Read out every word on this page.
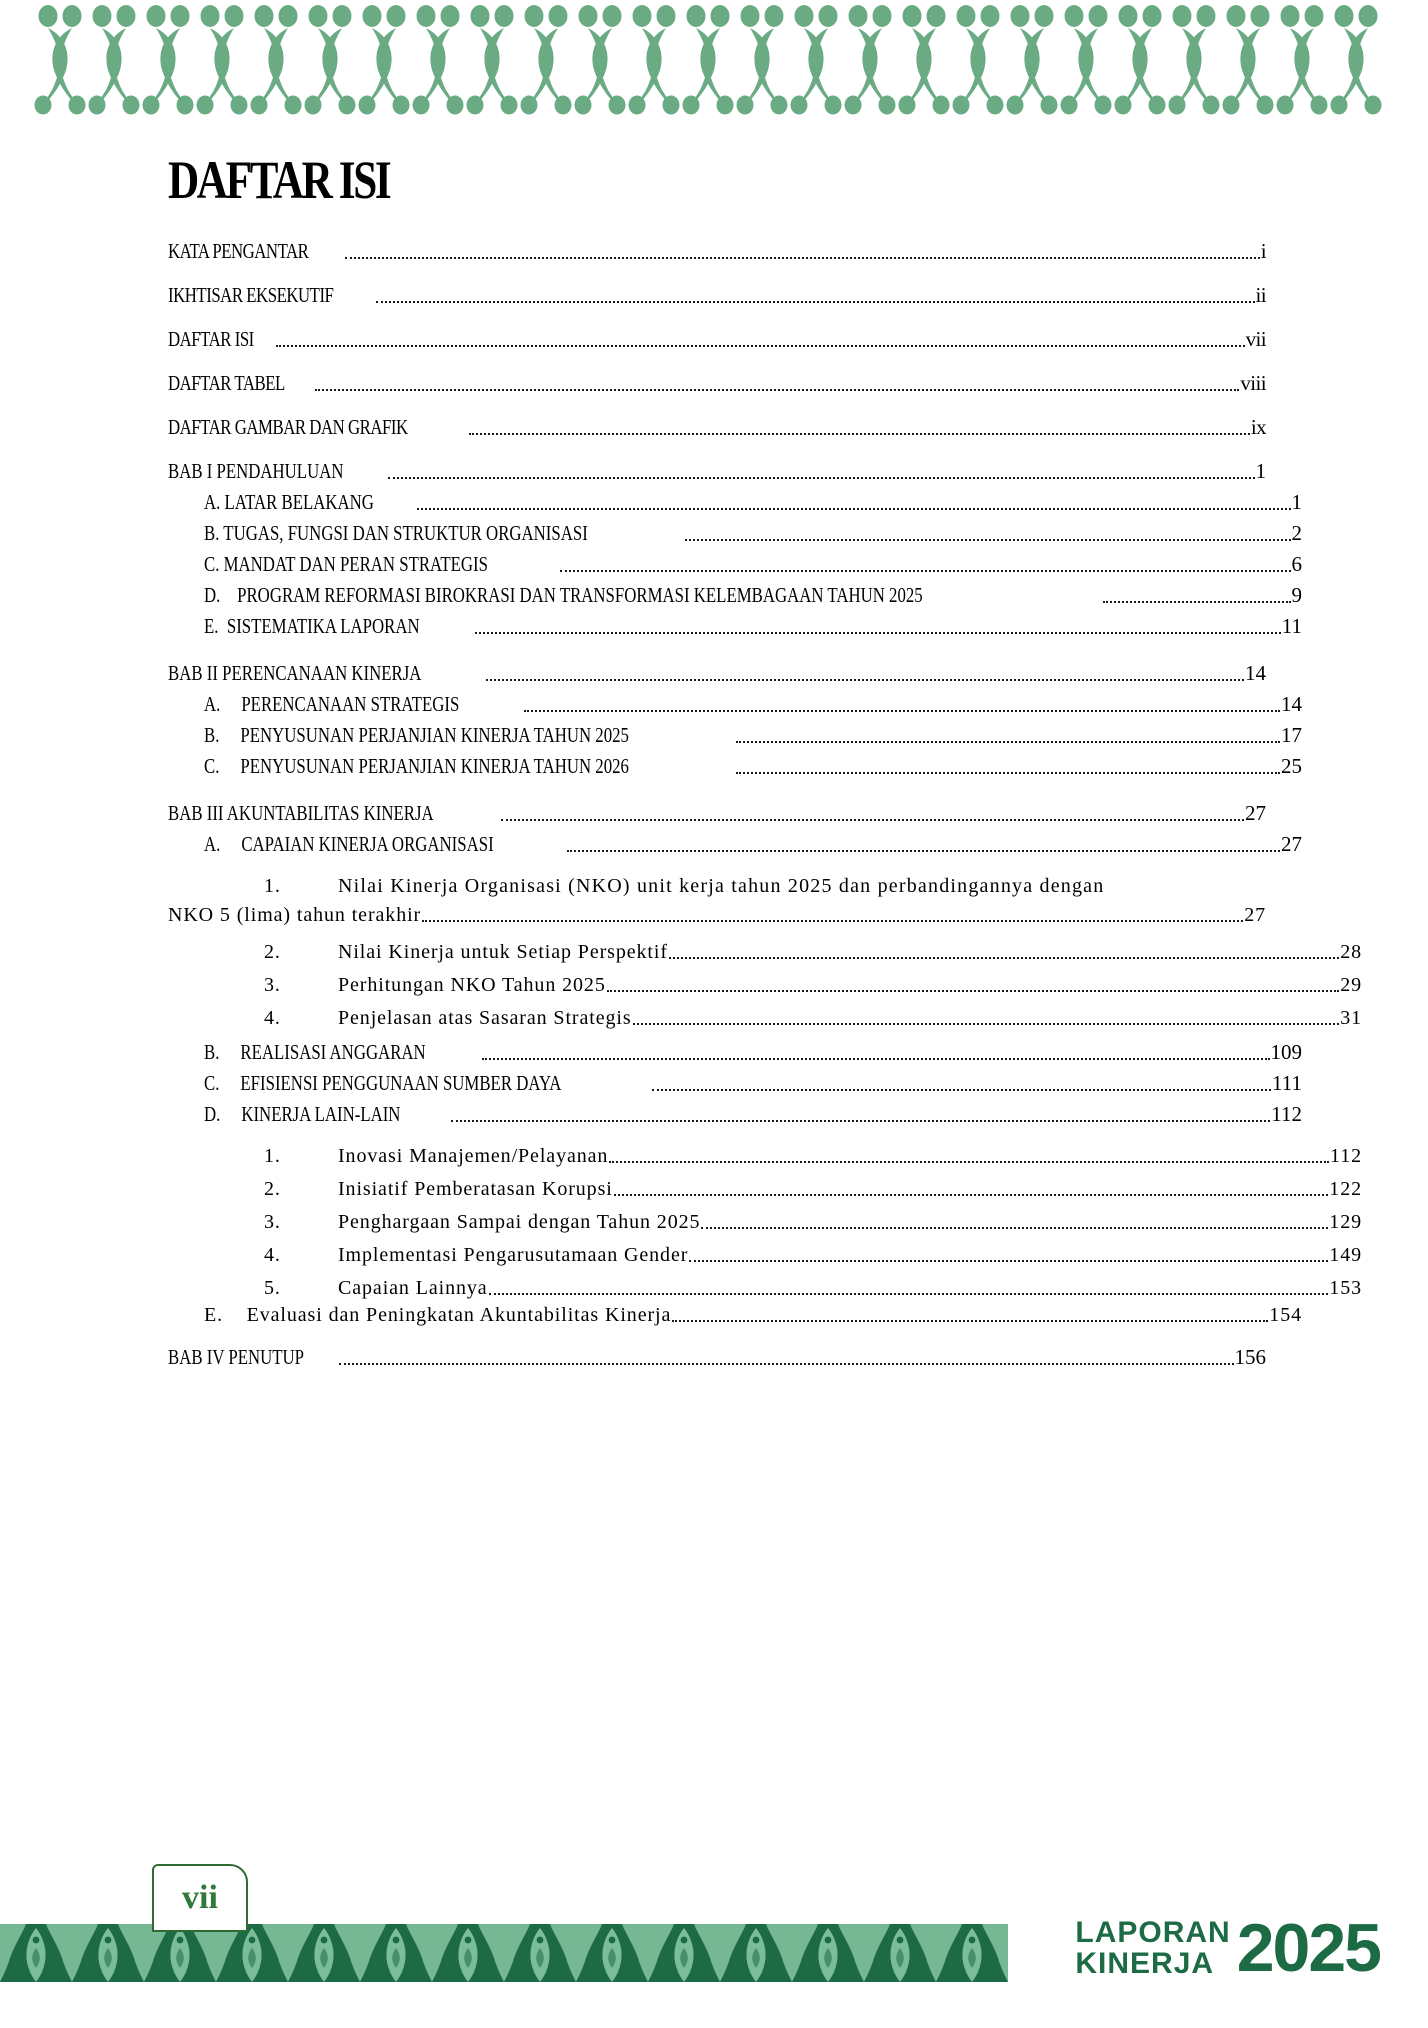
DAFTAR ISI
KATA PENGANTAR	i
IKHTISAR EKSEKUTIF	ii
DAFTAR ISI	vii
DAFTAR TABEL	viii
DAFTAR GAMBAR DAN GRAFIK	ix
BAB I PENDAHULUAN	1
A. LATAR BELAKANG	1
B. TUGAS, FUNGSI DAN STRUKTUR ORGANISASI	2
C. MANDAT DAN PERAN STRATEGIS	6
D.    PROGRAM REFORMASI BIROKRASI DAN TRANSFORMASI KELEMBAGAAN TAHUN 2025	9
E.  SISTEMATIKA LAPORAN	11
BAB II PERENCANAAN KINERJA	14
A.     PERENCANAAN STRATEGIS	14
B.     PENYUSUNAN PERJANJIAN KINERJA TAHUN 2025	17
C.     PENYUSUNAN PERJANJIAN KINERJA TAHUN 2026	25
BAB III AKUNTABILITAS KINERJA	27
A.     CAPAIAN KINERJA ORGANISASI	27
1.	Nilai Kinerja Organisasi (NKO) unit kerja tahun 2025 dan perbandingannya dengan
NKO 5 (lima) tahun terakhir	27
2.	Nilai Kinerja untuk Setiap Perspektif	28
3.	Perhitungan NKO Tahun 2025	29
4.	Penjelasan atas Sasaran Strategis	31
B.     REALISASI ANGGARAN	109
C.     EFISIENSI PENGGUNAAN SUMBER DAYA	111
D.     KINERJA LAIN-LAIN	112
1.	Inovasi Manajemen/Pelayanan	112
2.	Inisiatif Pemberatasan Korupsi	122
3.	Penghargaan Sampai dengan Tahun 2025	129
4.	Implementasi Pengarusutamaan Gender	149
5.	Capaian Lainnya	153
E.    Evaluasi dan Peningkatan Akuntabilitas Kinerja	154
BAB IV PENUTUP	156
vii
LAPORAN
KINERJA 2025
